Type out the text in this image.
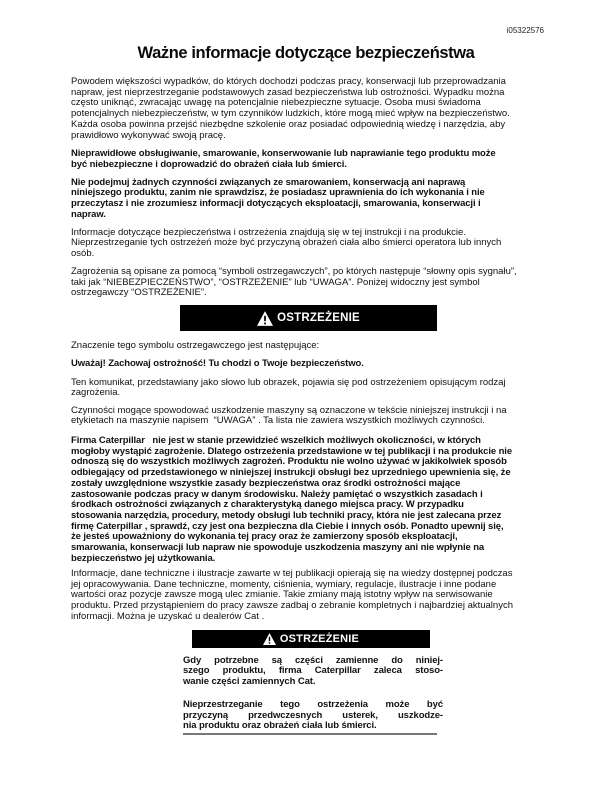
i05322576
Ważne informacje dotyczące bezpieczeństwa
Powodem większości wypadków, do których dochodzi podczas pracy, konserwacji lub przeprowadzania
napraw, jest nieprzestrzeganie podstawowych zasad bezpieczeństwa lub ostrożności. Wypadku można
często uniknąć, zwracając uwagę na potencjalnie niebezpieczne sytuacje. Osoba musi świadoma
potencjalnych niebezpieczeństw, w tym czynników ludzkich, które mogą mieć wpływ na bezpieczeństwo.
Każda osoba powinna przejść niezbędne szkolenie oraz posiadać odpowiednią wiedzę i narzędzia, aby
prawidłowo wykonywać swoją pracę.
Nieprawidłowe obsługiwanie, smarowanie, konserwowanie lub naprawianie tego produktu może
być niebezpieczne i doprowadzić do obrażeń ciała lub śmierci.
Nie podejmuj żadnych czynności związanych ze smarowaniem, konserwacją ani naprawą
niniejszego produktu, zanim nie sprawdzisz, że posiadasz uprawnienia do ich wykonania i nie
przeczytasz i nie zrozumiesz informacji dotyczących eksploatacji, smarowania, konserwacji i
napraw.
Informacje dotyczące bezpieczeństwa i ostrzeżenia znajdują się w tej instrukcji i na produkcie.
Nieprzestrzeganie tych ostrzeżeń może być przyczyną obrażeń ciała albo śmierci operatora lub innych
osób.
Zagrożenia są opisane za pomocą “symboli ostrzegawczych”, po których następuje “słowny opis sygnału”,
taki jak “NIEBEZPIECZEŃSTWO”, “OSTRZEŻENIE” lub “UWAGA”. Poniżej widoczny jest symbol
ostrzegawczy “OSTRZEŻENIE”.
OSTRZEŻENIE
Znaczenie tego symbolu ostrzegawczego jest następujące:
Uważaj! Zachowaj ostrożność! Tu chodzi o Twoje bezpieczeństwo.
Ten komunikat, przedstawiany jako słowo lub obrazek, pojawia się pod ostrzeżeniem opisującym rodzaj
zagrożenia.
Czynności mogące spowodować uszkodzenie maszyny są oznaczone w tekście niniejszej instrukcji i na
etykietach na maszynie napisem  “UWAGA” . Ta lista nie zawiera wszystkich możliwych czynności.
Firma Caterpillar   nie jest w stanie przewidzieć wszelkich możliwych okoliczności, w których
mogłoby wystąpić zagrożenie. Dlatego ostrzeżenia przedstawione w tej publikacji i na produkcie nie
odnoszą się do wszystkich możliwych zagrożeń. Produktu nie wolno używać w jakikolwiek sposób
odbiegający od przedstawionego w niniejszej instrukcji obsługi bez uprzedniego upewnienia się, że
zostały uwzględnione wszystkie zasady bezpieczeństwa oraz środki ostrożności mające
zastosowanie podczas pracy w danym środowisku. Należy pamiętać o wszystkich zasadach i
środkach ostrożności związanych z charakterystyką danego miejsca pracy. W przypadku
stosowania narzędzia, procedury, metody obsługi lub techniki pracy, która nie jest zalecana przez
firmę Caterpillar , sprawdź, czy jest ona bezpieczna dla Ciebie i innych osób. Ponadto upewnij się,
że jesteś upoważniony do wykonania tej pracy oraz że zamierzony sposób eksploatacji,
smarowania, konserwacji lub napraw nie spowoduje uszkodzenia maszyny ani nie wpłynie na
bezpieczeństwo jej użytkowania.
Informacje, dane techniczne i ilustracje zawarte w tej publikacji opierają się na wiedzy dostępnej podczas
jej opracowywania. Dane techniczne, momenty, ciśnienia, wymiary, regulacje, ilustracje i inne podane
wartości oraz pozycje zawsze mogą ulec zmianie. Takie zmiany mają istotny wpływ na serwisowanie
produktu. Przed przystąpieniem do pracy zawsze zadbaj o zebranie kompletnych i najbardziej aktualnych
informacji. Można je uzyskać u dealerów Cat .
OSTRZEŻENIE
Gdy potrzebne są części zamienne do niniej-
szego produktu, firma Caterpillar zaleca stoso-
wanie części zamiennych Cat.
Nieprzestrzeganie tego ostrzeżenia może być
przyczyną przedwczesnych usterek, uszkodze-
nia produktu oraz obrażeń ciała lub śmierci.
